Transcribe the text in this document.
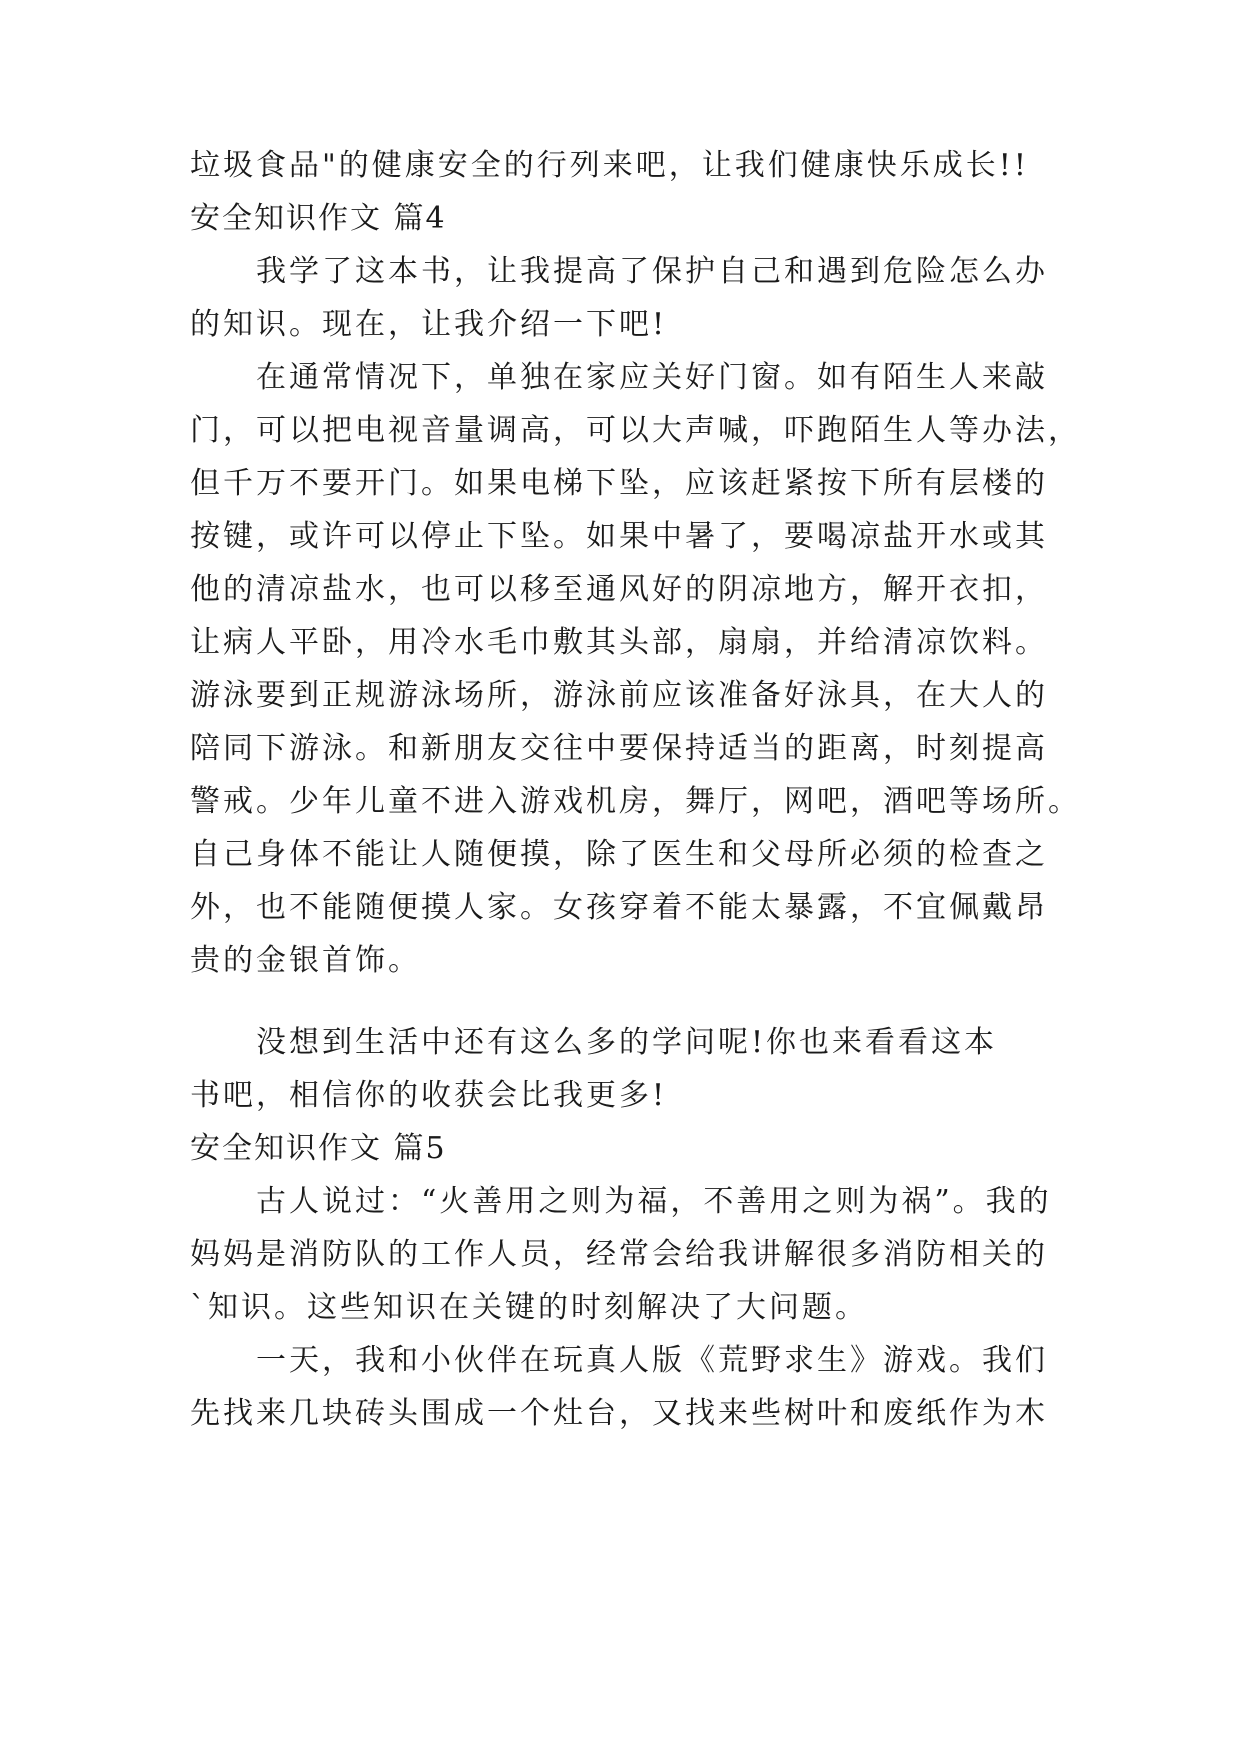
垃圾食品"的健康安全的行列来吧，让我们健康快乐成长!!

安全知识作文 篇4

我学了这本书，让我提高了保护自己和遇到危险怎么办

的知识。现在，让我介绍一下吧!

在通常情况下，单独在家应关好门窗。如有陌生人来敲

门，可以把电视音量调高，可以大声喊，吓跑陌生人等办法，

但千万不要开门。如果电梯下坠，应该赶紧按下所有层楼的

按键，或许可以停止下坠。如果中暑了，要喝凉盐开水或其

他的清凉盐水，也可以移至通风好的阴凉地方，解开衣扣，

让病人平卧，用冷水毛巾敷其头部，扇扇，并给清凉饮料。

游泳要到正规游泳场所，游泳前应该准备好泳具，在大人的

陪同下游泳。和新朋友交往中要保持适当的距离，时刻提高

警戒。少年儿童不进入游戏机房，舞厅，网吧，酒吧等场所。

自己身体不能让人随便摸，除了医生和父母所必须的检查之

外，也不能随便摸人家。女孩穿着不能太暴露，不宜佩戴昂

贵的金银首饰。

没想到生活中还有这么多的学问呢!你也来看看这本

书吧，相信你的收获会比我更多!

安全知识作文 篇5

古人说过：“火善用之则为福，不善用之则为祸”。我的

妈妈是消防队的工作人员，经常会给我讲解很多消防相关的

`知识。这些知识在关键的时刻解决了大问题。

一天，我和小伙伴在玩真人版《荒野求生》游戏。我们

先找来几块砖头围成一个灶台，又找来些树叶和废纸作为木
